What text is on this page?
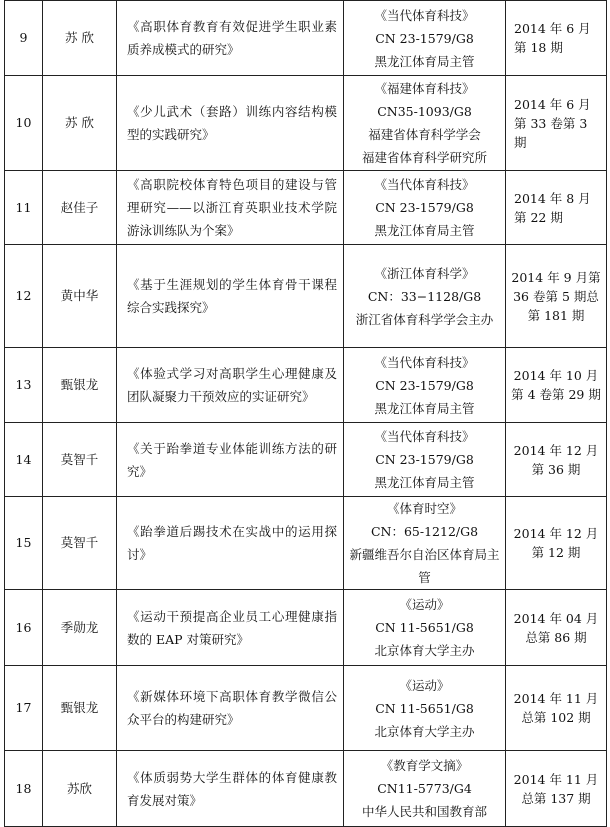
9	苏 欣	《高职体育教育有效促进学生职业素质养成模式的研究》	《当代体育科技》
CN 23-1579/G8
黑龙江体育局主管	2014 年 6 月第 18 期
10	苏 欣	《少儿武术（套路）训练内容结构模型的实践研究》	《福建体育科技》
CN35-1093/G8
福建省体育科学学会
福建省体育科学研究所	2014 年 6 月第 33 卷第 3 期
11	赵佳子	《高职院校体育特色项目的建设与管理研究——以浙江育英职业技术学院游泳训练队为个案》	《当代体育科技》
CN 23-1579/G8
黑龙江体育局主管	2014 年 8 月第 22 期
12	黄中华	《基于生涯规划的学生体育骨干课程综合实践探究》	《浙江体育科学》
CN：33−1128/G8
浙江省体育科学学会主办	2014 年 9 月第 36 卷第 5 期总第 181 期
13	甄银龙	《体验式学习对高职学生心理健康及团队凝聚力干预效应的实证研究》	《当代体育科技》
CN 23-1579/G8
黑龙江体育局主管	2014 年 10 月第 4 卷第 29 期
14	莫智千	《关于跆拳道专业体能训练方法的研究》	《当代体育科技》
CN 23-1579/G8
黑龙江体育局主管	2014 年 12 月第 36 期
15	莫智千	《跆拳道后踢技术在实战中的运用探讨》	《体育时空》
CN：65-1212/G8
新疆维吾尔自治区体育局主管	2014 年 12 月第 12 期
16	季勋龙	《运动干预提高企业员工心理健康指数的 EAP 对策研究》	《运动》
CN 11-5651/G8
北京体育大学主办	2014 年 04 月总第 86 期
17	甄银龙	《新媒体环境下高职体育教学微信公众平台的构建研究》	《运动》
CN 11-5651/G8
北京体育大学主办	2014 年 11 月总第 102 期
18	苏欣	《体质弱势大学生群体的体育健康教育发展对策》	《教育学文摘》
CN11-5773/G4
中华人民共和国教育部	2014 年 11 月总第 137 期
